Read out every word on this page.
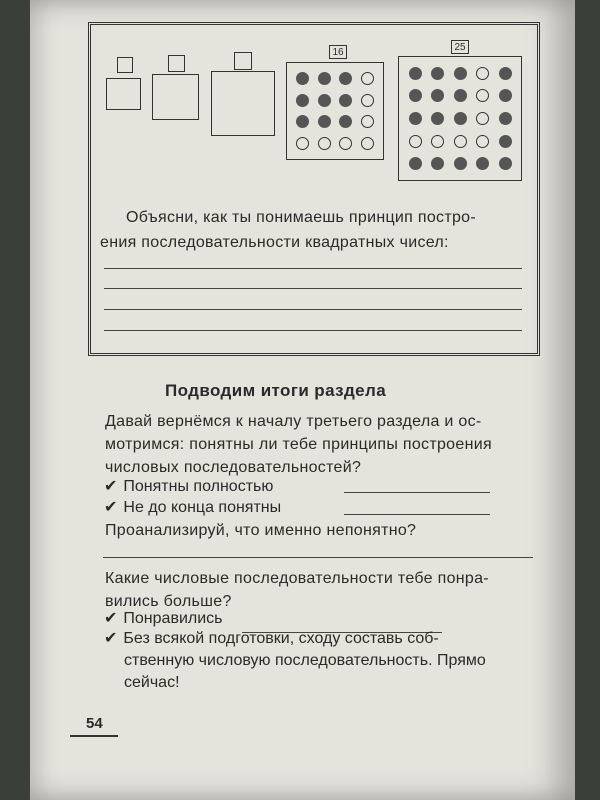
16	25
Объясни, как ты понимаешь принцип постро-
ения последовательности квадратных чисел:
Подводим итоги раздела
Давай вернёмся к началу третьего раздела и ос-
мотримся: понятны ли тебе принципы построения
числовых последовательностей?
✔ Понятны полностью
✔ Не до конца понятны
Проанализируй, что именно непонятно?
Какие числовые последовательности тебе понра-
вились больше?
✔ Понравились
✔ Без всякой подготовки, сходу составь соб-
ственную числовую последовательность. Прямо
сейчас!
54
